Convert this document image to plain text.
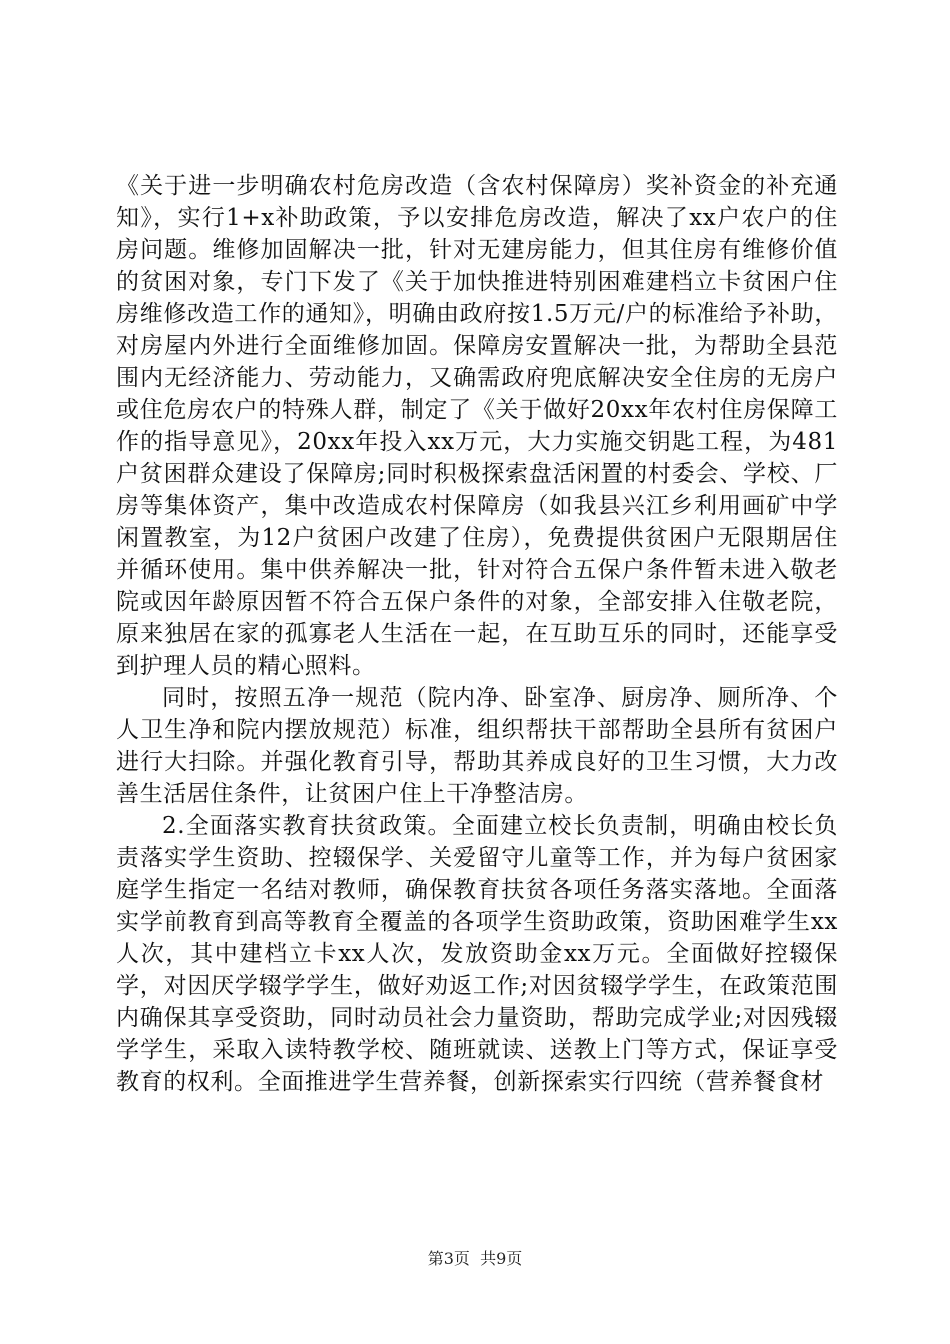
《关于进一步明确农村危房改造（含农村保障房）奖补资金的补充通知》，实行1+x补助政策，予以安排危房改造，解决了xx户农户的住房问题。维修加固解决一批，针对无建房能力，但其住房有维修价值的贫困对象，专门下发了《关于加快推进特别困难建档立卡贫困户住房维修改造工作的通知》，明确由政府按1.5万元/户的标准给予补助，对房屋内外进行全面维修加固。保障房安置解决一批，为帮助全县范围内无经济能力、劳动能力，又确需政府兜底解决安全住房的无房户或住危房农户的特殊人群，制定了《关于做好20xx年农村住房保障工作的指导意见》，20xx年投入xx万元，大力实施交钥匙工程，为481户贫困群众建设了保障房;同时积极探索盘活闲置的村委会、学校、厂房等集体资产，集中改造成农村保障房（如我县兴江乡利用画矿中学闲置教室，为12户贫困户改建了住房），免费提供贫困户无限期居住并循环使用。集中供养解决一批，针对符合五保户条件暂未进入敬老院或因年龄原因暂不符合五保户条件的对象，全部安排入住敬老院，原来独居在家的孤寡老人生活在一起，在互助互乐的同时，还能享受到护理人员的精心照料。

同时，按照五净一规范（院内净、卧室净、厨房净、厕所净、个人卫生净和院内摆放规范）标准，组织帮扶干部帮助全县所有贫困户进行大扫除。并强化教育引导，帮助其养成良好的卫生习惯，大力改善生活居住条件，让贫困户住上干净整洁房。

2.全面落实教育扶贫政策。全面建立校长负责制，明确由校长负责落实学生资助、控辍保学、关爱留守儿童等工作，并为每户贫困家庭学生指定一名结对教师，确保教育扶贫各项任务落实落地。全面落实学前教育到高等教育全覆盖的各项学生资助政策，资助困难学生xx人次，其中建档立卡xx人次，发放资助金xx万元。全面做好控辍保学，对因厌学辍学学生，做好劝返工作;对因贫辍学学生，在政策范围内确保其享受资助，同时动员社会力量资助，帮助完成学业;对因残辍学学生，采取入读特教学校、随班就读、送教上门等方式，保证享受教育的权利。全面推进学生营养餐，创新探索实行四统（营养餐食材

第3页  共9页
